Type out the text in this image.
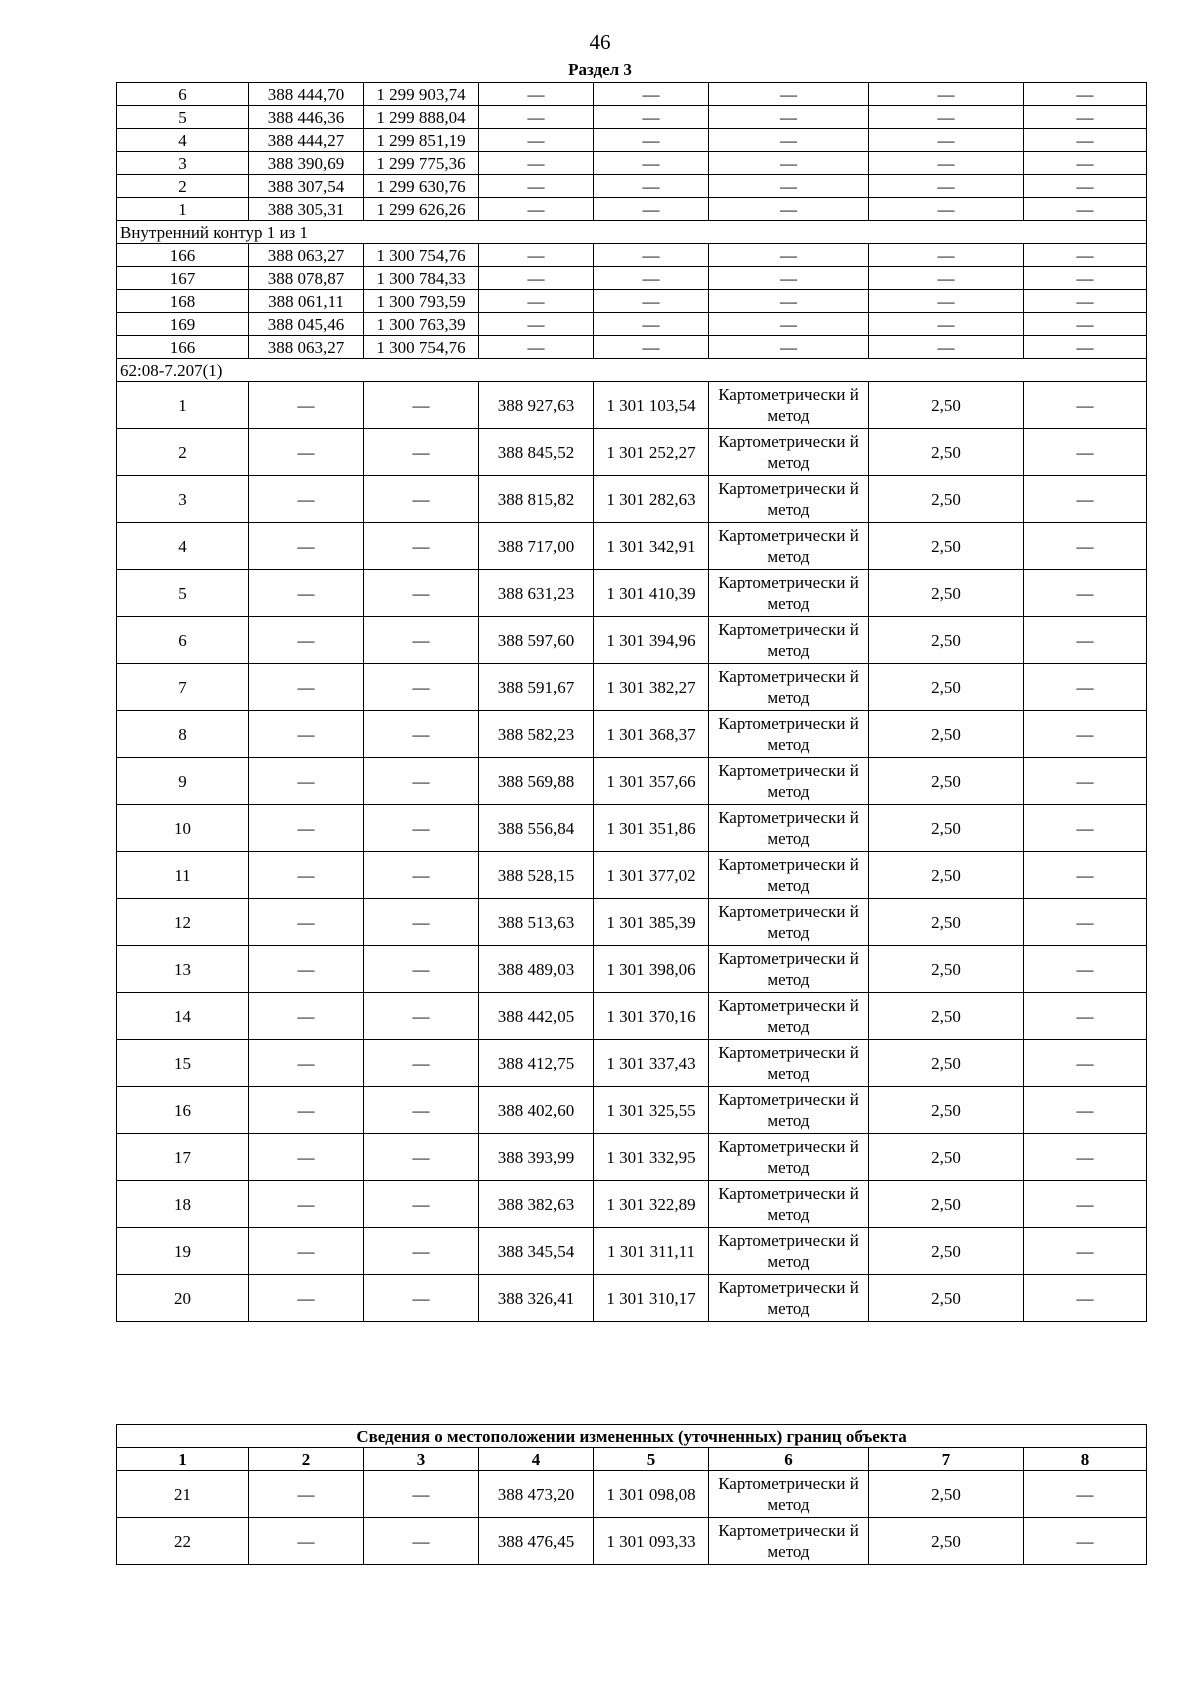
46
Раздел 3
6	388 444,70	1 299 903,74	—	—	—	—	—
5	388 446,36	1 299 888,04	—	—	—	—	—
4	388 444,27	1 299 851,19	—	—	—	—	—
3	388 390,69	1 299 775,36	—	—	—	—	—
2	388 307,54	1 299 630,76	—	—	—	—	—
1	388 305,31	1 299 626,26	—	—	—	—	—
Внутренний контур 1 из 1							
166	388 063,27	1 300 754,76	—	—	—	—	—
167	388 078,87	1 300 784,33	—	—	—	—	—
168	388 061,11	1 300 793,59	—	—	—	—	—
169	388 045,46	1 300 763,39	—	—	—	—	—
166	388 063,27	1 300 754,76	—	—	—	—	—
62:08-7.207(1)							
1	—	—	388 927,63	1 301 103,54	Картометрически й метод	2,50	—
2	—	—	388 845,52	1 301 252,27	Картометрически й метод	2,50	—
3	—	—	388 815,82	1 301 282,63	Картометрически й метод	2,50	—
4	—	—	388 717,00	1 301 342,91	Картометрически й метод	2,50	—
5	—	—	388 631,23	1 301 410,39	Картометрически й метод	2,50	—
6	—	—	388 597,60	1 301 394,96	Картометрически й метод	2,50	—
7	—	—	388 591,67	1 301 382,27	Картометрически й метод	2,50	—
8	—	—	388 582,23	1 301 368,37	Картометрически й метод	2,50	—
9	—	—	388 569,88	1 301 357,66	Картометрически й метод	2,50	—
10	—	—	388 556,84	1 301 351,86	Картометрически й метод	2,50	—
11	—	—	388 528,15	1 301 377,02	Картометрически й метод	2,50	—
12	—	—	388 513,63	1 301 385,39	Картометрически й метод	2,50	—
13	—	—	388 489,03	1 301 398,06	Картометрически й метод	2,50	—
14	—	—	388 442,05	1 301 370,16	Картометрически й метод	2,50	—
15	—	—	388 412,75	1 301 337,43	Картометрически й метод	2,50	—
16	—	—	388 402,60	1 301 325,55	Картометрически й метод	2,50	—
17	—	—	388 393,99	1 301 332,95	Картометрически й метод	2,50	—
18	—	—	388 382,63	1 301 322,89	Картометрически й метод	2,50	—
19	—	—	388 345,54	1 301 311,11	Картометрически й метод	2,50	—
20	—	—	388 326,41	1 301 310,17	Картометрически й метод	2,50	—
Сведения о местоположении измененных (уточненных) границ объекта							
1	2	3	4	5	6	7	8
21	—	—	388 473,20	1 301 098,08	Картометрически й метод	2,50	—
22	—	—	388 476,45	1 301 093,33	Картометрически й метод	2,50	—
